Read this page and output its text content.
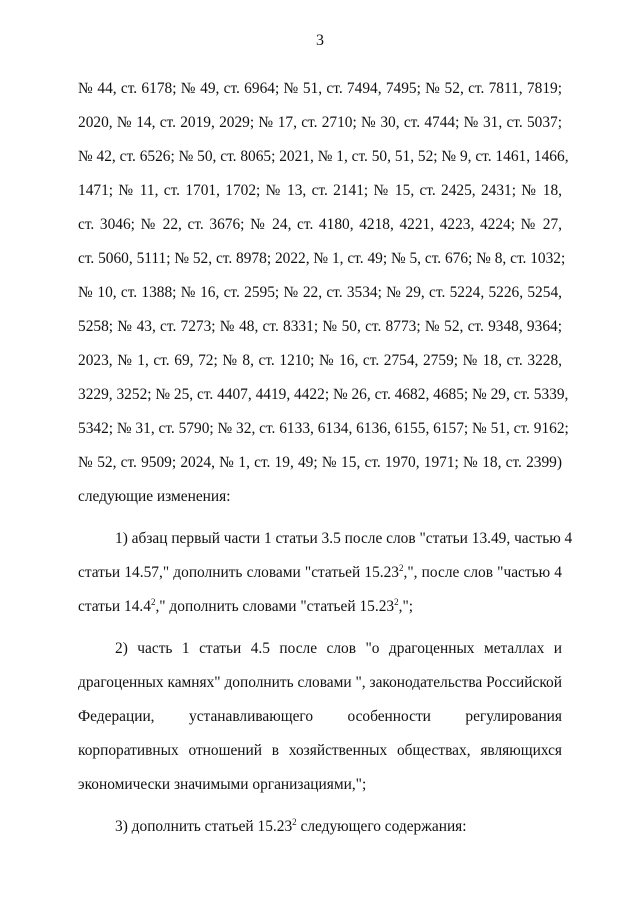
3
№ 44, ст. 6178; № 49, ст. 6964; № 51, ст. 7494, 7495; № 52, ст. 7811, 7819;
2020, № 14, ст. 2019, 2029; № 17, ст. 2710; № 30, ст. 4744; № 31, ст. 5037;
№ 42, ст. 6526; № 50, ст. 8065; 2021, № 1, ст. 50, 51, 52; № 9, ст. 1461, 1466,
1471; № 11, ст. 1701, 1702; № 13, ст. 2141; № 15, ст. 2425, 2431; № 18,
ст. 3046; № 22, ст. 3676; № 24, ст. 4180, 4218, 4221, 4223, 4224; № 27,
ст. 5060, 5111; № 52, ст. 8978; 2022, № 1, ст. 49; № 5, ст. 676; № 8, ст. 1032;
№ 10, ст. 1388; № 16, ст. 2595; № 22, ст. 3534; № 29, ст. 5224, 5226, 5254,
5258; № 43, ст. 7273; № 48, ст. 8331; № 50, ст. 8773; № 52, ст. 9348, 9364;
2023, № 1, ст. 69, 72; № 8, ст. 1210; № 16, ст. 2754, 2759; № 18, ст. 3228,
3229, 3252; № 25, ст. 4407, 4419, 4422; № 26, ст. 4682, 4685; № 29, ст. 5339,
5342; № 31, ст. 5790; № 32, ст. 6133, 6134, 6136, 6155, 6157; № 51, ст. 9162;
№ 52, ст. 9509; 2024, № 1, ст. 19, 49; № 15, ст. 1970, 1971; № 18, ст. 2399)
следующие изменения:
1) абзац первый части 1 статьи 3.5 после слов "статьи 13.49, частью 4
статьи 14.57," дополнить словами "статьей 15.23$^2$,", после слов "частью 4
статьи 14.4$^2$," дополнить словами "статьей 15.23$^2$,";
2) часть 1 статьи 4.5 после слов "о драгоценных металлах и
драгоценных камнях" дополнить словами ", законодательства Российской
Федерации, устанавливающего особенности регулирования
корпоративных отношений в хозяйственных обществах, являющихся
экономически значимыми организациями,";
3) дополнить статьей 15.23$^2$ следующего содержания:
